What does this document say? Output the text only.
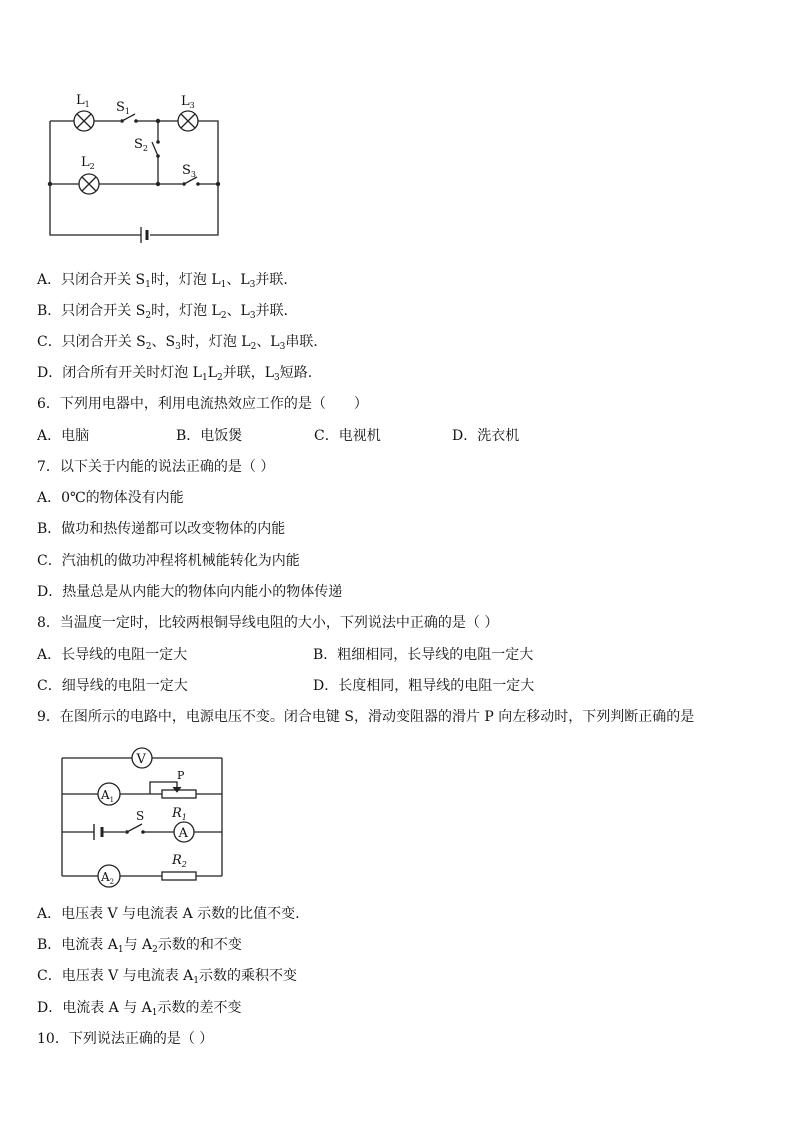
$L_1$ $S_1$
$L_3$
$S_2$
$L_2$	$S_3$
A．只闭合开关 $S_1$时，灯泡 $L_1$、$L_3$并联．
B．只闭合开关 $S_2$时，灯泡 $L_2$、$L_3$并联．
C．只闭合开关 $S_2$、$S_3$时，灯泡 $L_2$、$L_3$串联．
D．闭合所有开关时灯泡 $L_1L_2$并联，$L_3$短路.
6．下列用电器中，利用电流热效应工作的是（　　）
A．电脑	B．电饭煲	C．电视机	D．洗衣机
7．以下关于内能的说法正确的是（ ）
A．0℃的物体没有内能
B．做功和热传递都可以改变物体的内能
C．汽油机的做功冲程将机械能转化为内能
D．热量总是从内能大的物体向内能小的物体传递
8．当温度一定时，比较两根铜导线电阻的大小，下列说法中正确的是（ ）
A．长导线的电阻一定大	B．粗细相同，长导线的电阻一定大
C．细导线的电阻一定大	D．长度相同，粗导线的电阻一定大
9．在图所示的电路中，电源电压不变。闭合电键 S，滑动变阻器的滑片 P 向左移动时，下列判断正确的是
V
$A_1$
P
$R_1$
S
A
$R_2$
$A_2$
A．电压表 V 与电流表 A 示数的比值不变.
B．电流表 $A_1$与 $A_2$示数的和不变
C．电压表 V 与电流表 $A_1$示数的乘积不变
D．电流表 A 与 $A_1$示数的差不变
10．下列说法正确的是（ ）
